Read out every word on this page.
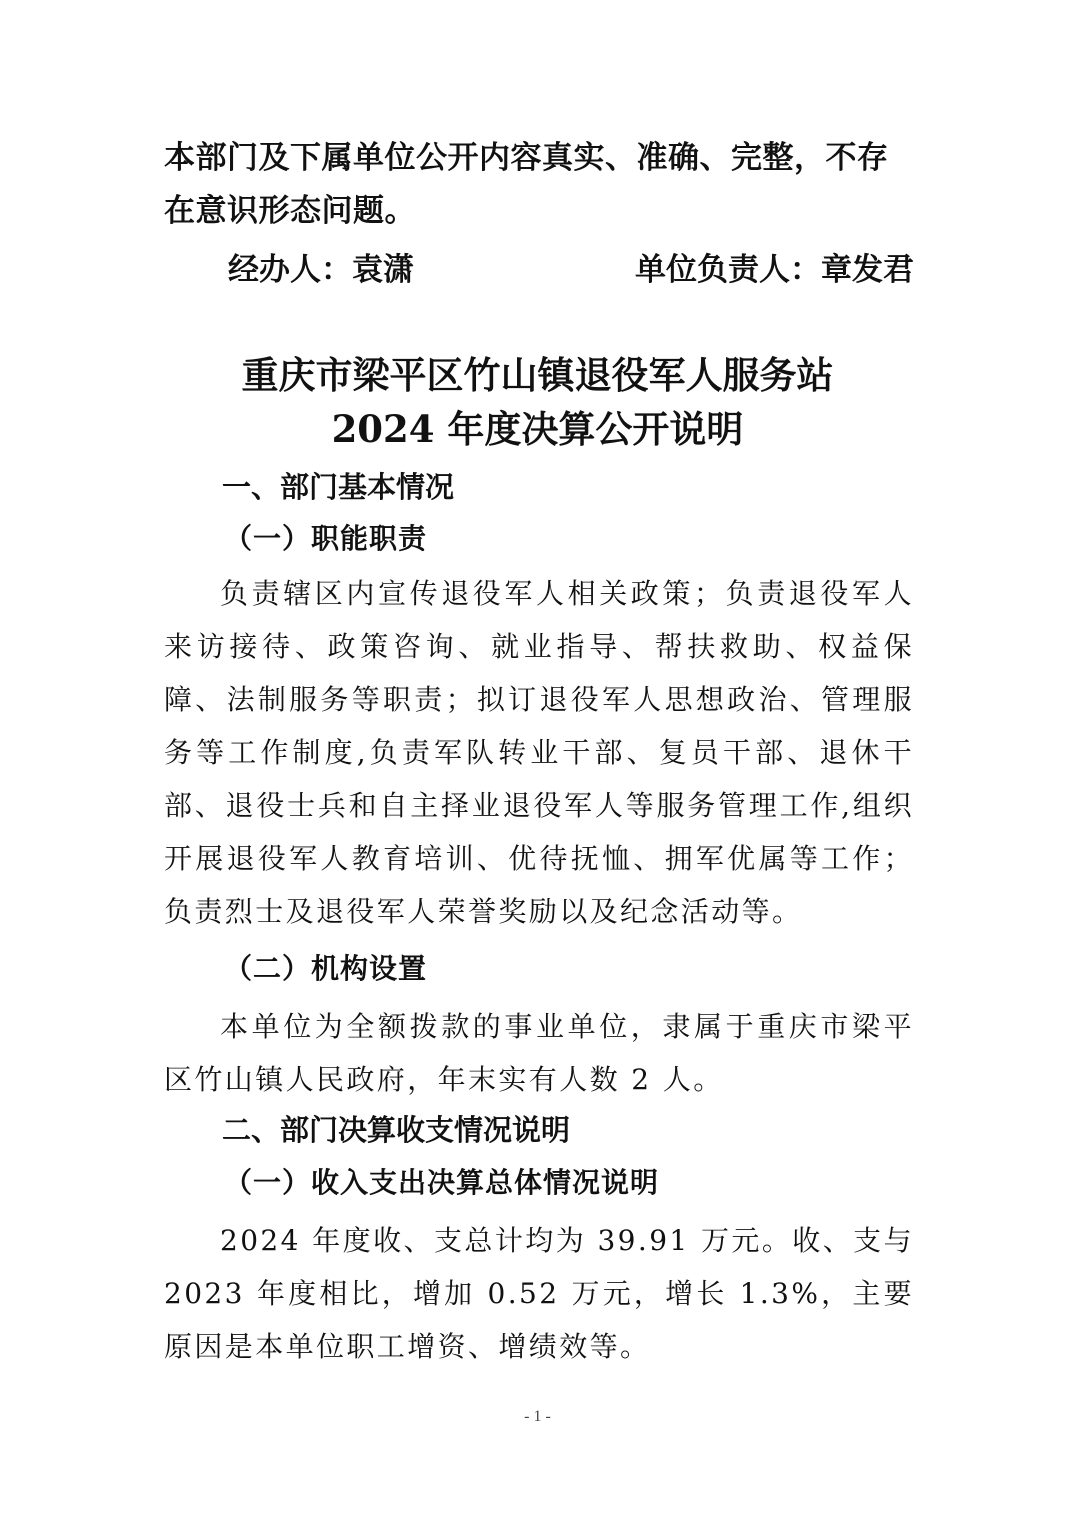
本部门及下属单位公开内容真实、准确、完整，不存在意识形态问题。

经办人：袁潇	单位负责人：章发君
重庆市梁平区竹山镇退役军人服务站
2024 年度决算公开说明
一、部门基本情况
（一）职能职责

负责辖区内宣传退役军人相关政策；负责退役军人来访接待、政策咨询、就业指导、帮扶救助、权益保障、法制服务等职责；拟订退役军人思想政治、管理服务等工作制度,负责军队转业干部、复员干部、退休干部、退役士兵和自主择业退役军人等服务管理工作,组织开展退役军人教育培训、优待抚恤、拥军优属等工作；负责烈士及退役军人荣誉奖励以及纪念活动等。

（二）机构设置

本单位为全额拨款的事业单位，隶属于重庆市梁平区竹山镇人民政府，年末实有人数 2 人。

二、部门决算收支情况说明
（一）收入支出决算总体情况说明

2024 年度收、支总计均为 39.91 万元。收、支与 2023 年度相比，增加 0.52 万元，增长 1.3%，主要原因是本单位职工增资、增绩效等。

- 1 -
